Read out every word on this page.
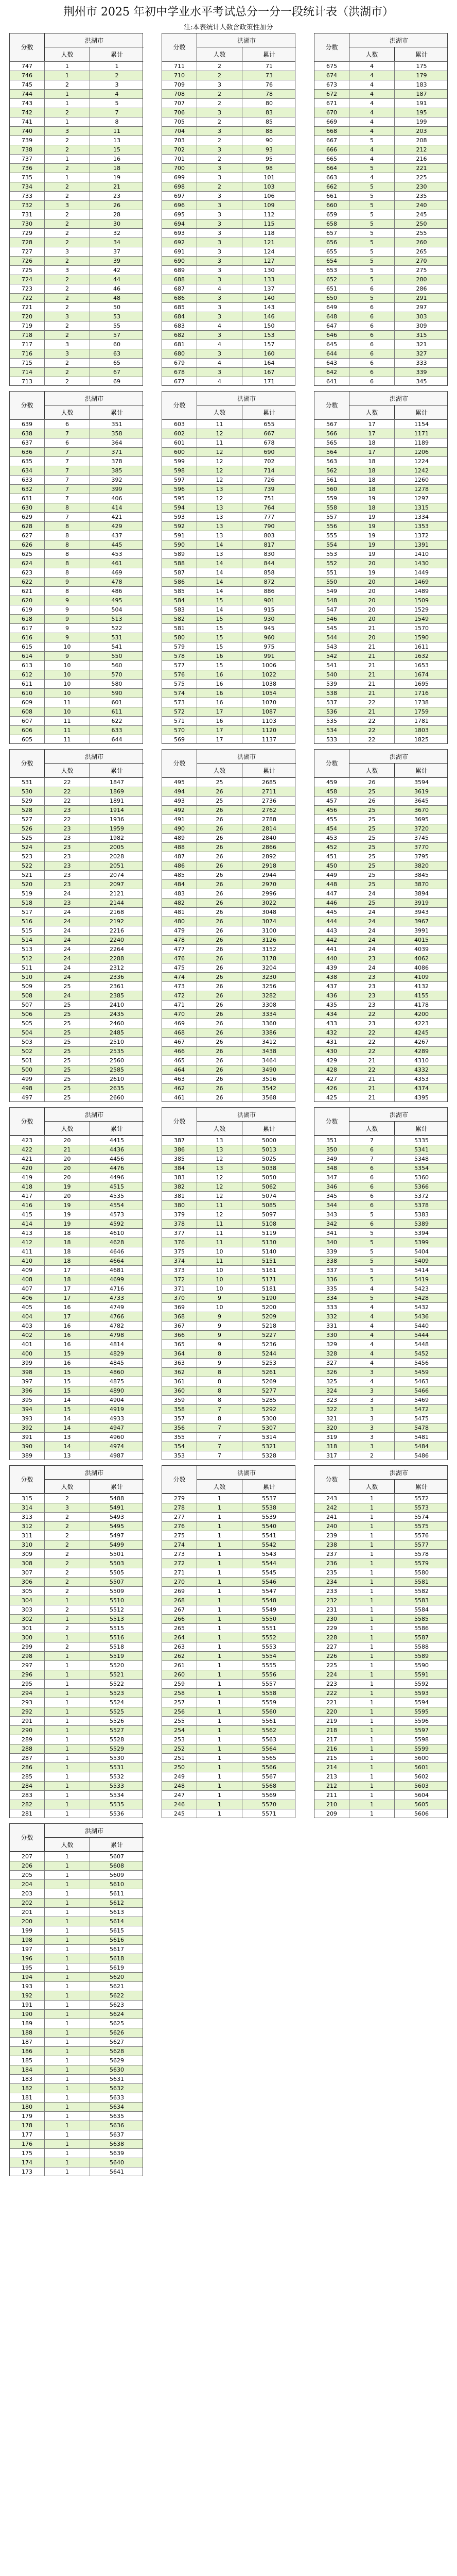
荆州市 2025 年初中学业水平考试总分一分一段统计表（洪湖市）
注:本表统计人数含政策性加分
分数
洪湖市
人数	累计
747	1	1
746	1	2
745	2	3
744	1	4
743	1	5
742	2	7
741	1	8
740	3	11
739	2	13
738	2	15
737	1	16
736	2	18
735	1	19
734	2	21
733	2	23
732	3	26
731	2	28
730	2	30
729	2	32
728	2	34
727	3	37
726	2	39
725	3	42
724	2	44
723	2	46
722	2	48
721	2	50
720	3	53
719	2	55
718	2	57
717	3	60
716	3	63
715	2	65
714	2	67
713	2	69
分数
洪湖市
人数	累计
711	2	71
710	2	73
709	3	76
708	2	78
707	2	80
706	3	83
705	2	85
704	3	88
703	2	90
702	3	93
701	2	95
700	3	98
699	3	101
698	2	103
697	3	106
696	3	109
695	3	112
694	3	115
693	3	118
692	3	121
691	3	124
690	3	127
689	3	130
688	3	133
687	4	137
686	3	140
685	3	143
684	3	146
683	4	150
682	3	153
681	4	157
680	3	160
679	4	164
678	3	167
677	4	171
分数
洪湖市
人数	累计
675	4	175
674	4	179
673	4	183
672	4	187
671	4	191
670	4	195
669	4	199
668	4	203
667	5	208
666	4	212
665	4	216
664	5	221
663	4	225
662	5	230
661	5	235
660	5	240
659	5	245
658	5	250
657	5	255
656	5	260
655	5	265
654	5	270
653	5	275
652	5	280
651	6	286
650	5	291
649	6	297
648	6	303
647	6	309
646	6	315
645	6	321
644	6	327
643	6	333
642	6	339
641	6	345
分数
洪湖市
人数	累计
639	6	351
638	7	358
637	6	364
636	7	371
635	7	378
634	7	385
633	7	392
632	7	399
631	7	406
630	8	414
629	7	421
628	8	429
627	8	437
626	8	445
625	8	453
624	8	461
623	8	469
622	9	478
621	8	486
620	9	495
619	9	504
618	9	513
617	9	522
616	9	531
615	10	541
614	9	550
613	10	560
612	10	570
611	10	580
610	10	590
609	11	601
608	10	611
607	11	622
606	11	633
605	11	644
分数
洪湖市
人数	累计
603	11	655
602	12	667
601	11	678
600	12	690
599	12	702
598	12	714
597	12	726
596	13	739
595	12	751
594	13	764
593	13	777
592	13	790
591	13	803
590	14	817
589	13	830
588	14	844
587	14	858
586	14	872
585	14	886
584	15	901
583	14	915
582	15	930
581	15	945
580	15	960
579	15	975
578	16	991
577	15	1006
576	16	1022
575	16	1038
574	16	1054
573	16	1070
572	17	1087
571	16	1103
570	17	1120
569	17	1137
分数
洪湖市
人数	累计
567	17	1154
566	17	1171
565	18	1189
564	17	1206
563	18	1224
562	18	1242
561	18	1260
560	18	1278
559	19	1297
558	18	1315
557	19	1334
556	19	1353
555	19	1372
554	19	1391
553	19	1410
552	20	1430
551	19	1449
550	20	1469
549	20	1489
548	20	1509
547	20	1529
546	20	1549
545	21	1570
544	20	1590
543	21	1611
542	21	1632
541	21	1653
540	21	1674
539	21	1695
538	21	1716
537	22	1738
536	21	1759
535	22	1781
534	22	1803
533	22	1825
分数
洪湖市
人数	累计
531	22	1847
530	22	1869
529	22	1891
528	23	1914
527	22	1936
526	23	1959
525	23	1982
524	23	2005
523	23	2028
522	23	2051
521	23	2074
520	23	2097
519	24	2121
518	23	2144
517	24	2168
516	24	2192
515	24	2216
514	24	2240
513	24	2264
512	24	2288
511	24	2312
510	24	2336
509	25	2361
508	24	2385
507	25	2410
506	25	2435
505	25	2460
504	25	2485
503	25	2510
502	25	2535
501	25	2560
500	25	2585
499	25	2610
498	25	2635
497	25	2660
分数
洪湖市
人数	累计
495	25	2685
494	26	2711
493	25	2736
492	26	2762
491	26	2788
490	26	2814
489	26	2840
488	26	2866
487	26	2892
486	26	2918
485	26	2944
484	26	2970
483	26	2996
482	26	3022
481	26	3048
480	26	3074
479	26	3100
478	26	3126
477	26	3152
476	26	3178
475	26	3204
474	26	3230
473	26	3256
472	26	3282
471	26	3308
470	26	3334
469	26	3360
468	26	3386
467	26	3412
466	26	3438
465	26	3464
464	26	3490
463	26	3516
462	26	3542
461	26	3568
分数
洪湖市
人数	累计
459	26	3594
458	25	3619
457	26	3645
456	25	3670
455	25	3695
454	25	3720
453	25	3745
452	25	3770
451	25	3795
450	25	3820
449	25	3845
448	25	3870
447	24	3894
446	25	3919
445	24	3943
444	24	3967
443	24	3991
442	24	4015
441	24	4039
440	23	4062
439	24	4086
438	23	4109
437	23	4132
436	23	4155
435	23	4178
434	22	4200
433	23	4223
432	22	4245
431	22	4267
430	22	4289
429	21	4310
428	22	4332
427	21	4353
426	21	4374
425	21	4395
分数
洪湖市
人数	累计
423	20	4415
422	21	4436
421	20	4456
420	20	4476
419	20	4496
418	19	4515
417	20	4535
416	19	4554
415	19	4573
414	19	4592
413	18	4610
412	18	4628
411	18	4646
410	18	4664
409	17	4681
408	18	4699
407	17	4716
406	17	4733
405	16	4749
404	17	4766
403	16	4782
402	16	4798
401	16	4814
400	15	4829
399	16	4845
398	15	4860
397	15	4875
396	15	4890
395	14	4904
394	15	4919
393	14	4933
392	14	4947
391	13	4960
390	14	4974
389	13	4987
分数
洪湖市
人数	累计
387	13	5000
386	13	5013
385	12	5025
384	13	5038
383	12	5050
382	12	5062
381	12	5074
380	11	5085
379	12	5097
378	11	5108
377	11	5119
376	11	5130
375	10	5140
374	11	5151
373	10	5161
372	10	5171
371	10	5181
370	9	5190
369	10	5200
368	9	5209
367	9	5218
366	9	5227
365	9	5236
364	8	5244
363	9	5253
362	8	5261
361	8	5269
360	8	5277
359	8	5285
358	7	5292
357	8	5300
356	7	5307
355	7	5314
354	7	5321
353	7	5328
分数
洪湖市
人数	累计
351	7	5335
350	6	5341
349	7	5348
348	6	5354
347	6	5360
346	6	5366
345	6	5372
344	6	5378
343	5	5383
342	6	5389
341	5	5394
340	5	5399
339	5	5404
338	5	5409
337	5	5414
336	5	5419
335	4	5423
334	5	5428
333	4	5432
332	4	5436
331	4	5440
330	4	5444
329	4	5448
328	4	5452
327	4	5456
326	3	5459
325	4	5463
324	3	5466
323	3	5469
322	3	5472
321	3	5475
320	3	5478
319	3	5481
318	3	5484
317	2	5486
分数
洪湖市
人数	累计
315	2	5488
314	3	5491
313	2	5493
312	2	5495
311	2	5497
310	2	5499
309	2	5501
308	2	5503
307	2	5505
306	2	5507
305	2	5509
304	1	5510
303	2	5512
302	1	5513
301	2	5515
300	1	5516
299	2	5518
298	1	5519
297	1	5520
296	1	5521
295	1	5522
294	1	5523
293	1	5524
292	1	5525
291	1	5526
290	1	5527
289	1	5528
288	1	5529
287	1	5530
286	1	5531
285	1	5532
284	1	5533
283	1	5534
282	1	5535
281	1	5536
分数
洪湖市
人数	累计
279	1	5537
278	1	5538
277	1	5539
276	1	5540
275	1	5541
274	1	5542
273	1	5543
272	1	5544
271	1	5545
270	1	5546
269	1	5547
268	1	5548
267	1	5549
266	1	5550
265	1	5551
264	1	5552
263	1	5553
262	1	5554
261	1	5555
260	1	5556
259	1	5557
258	1	5558
257	1	5559
256	1	5560
255	1	5561
254	1	5562
253	1	5563
252	1	5564
251	1	5565
250	1	5566
249	1	5567
248	1	5568
247	1	5569
246	1	5570
245	1	5571
分数
洪湖市
人数	累计
243	1	5572
242	1	5573
241	1	5574
240	1	5575
239	1	5576
238	1	5577
237	1	5578
236	1	5579
235	1	5580
234	1	5581
233	1	5582
232	1	5583
231	1	5584
230	1	5585
229	1	5586
228	1	5587
227	1	5588
226	1	5589
225	1	5590
224	1	5591
223	1	5592
222	1	5593
221	1	5594
220	1	5595
219	1	5596
218	1	5597
217	1	5598
216	1	5599
215	1	5600
214	1	5601
213	1	5602
212	1	5603
211	1	5604
210	1	5605
209	1	5606
分数
洪湖市
人数	累计
207	1	5607
206	1	5608
205	1	5609
204	1	5610
203	1	5611
202	1	5612
201	1	5613
200	1	5614
199	1	5615
198	1	5616
197	1	5617
196	1	5618
195	1	5619
194	1	5620
193	1	5621
192	1	5622
191	1	5623
190	1	5624
189	1	5625
188	1	5626
187	1	5627
186	1	5628
185	1	5629
184	1	5630
183	1	5631
182	1	5632
181	1	5633
180	1	5634
179	1	5635
178	1	5636
177	1	5637
176	1	5638
175	1	5639
174	1	5640
173	1	5641
